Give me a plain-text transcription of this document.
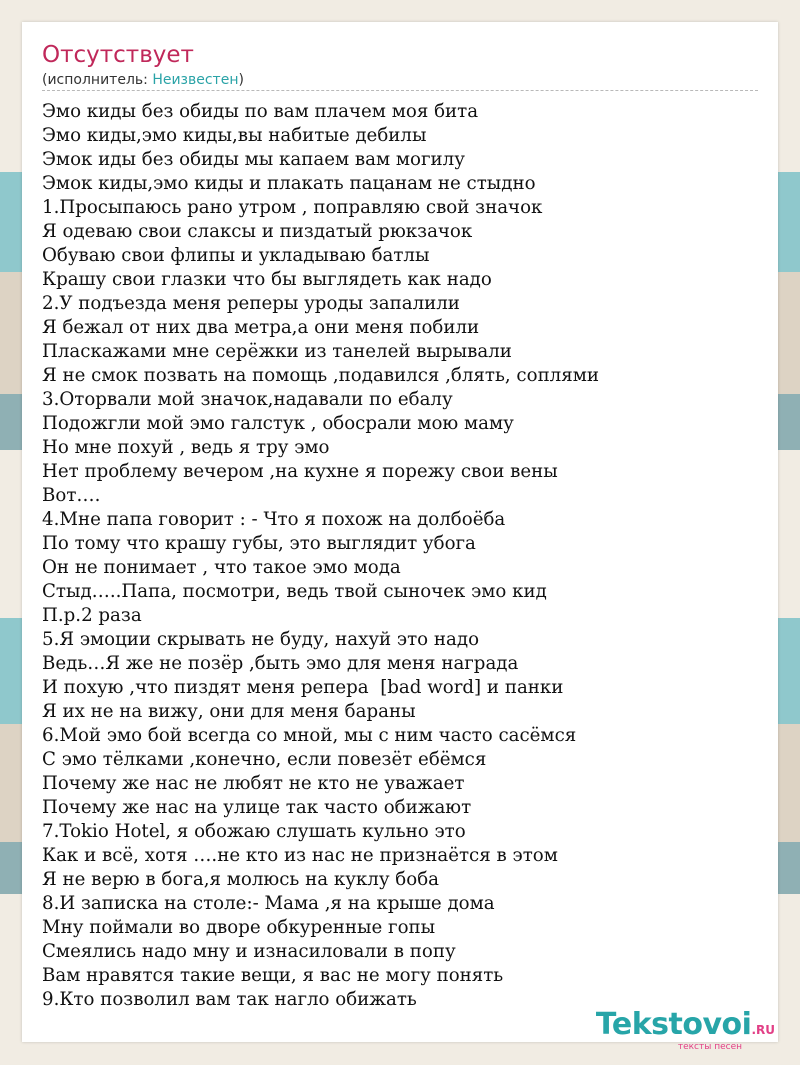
Отсутствует
(исполнитель: Неизвестен)
Эмо киды без обиды по вам плачем моя бита
Эмо киды,эмо киды,вы набитые дебилы
Эмок иды без обиды мы капаем вам могилу
Эмок киды,эмо киды и плакать пацанам не стыдно
1.Просыпаюсь рано утром , поправляю свой значок
Я одеваю свои слаксы и пиздатый рюкзачок
Обуваю свои флипы и укладываю батлы
Крашу свои глазки что бы выглядеть как надо
2.У подъезда меня реперы уроды запалили
Я бежал от них два метра,а они меня побили
Плаcкажами мне серёжки из танелей вырывали
Я не смок позвать на помощь ,подавился ,блять, соплями
3.Оторвали мой значок,надавали по ебалу
Подожгли мой эмо галстук , обосрали мою маму
Но мне похуй , ведь я тру эмо
Нет проблему вечером ,на кухне я порежу свои вены
Вот….
4.Мне папа говорит : - Что я похож на долбоёба
По тому что крашу губы, это выглядит убога
Он не понимает , что такое эмо мода
Стыд…..Папа, посмотри, ведь твой сыночек эмо кид
П.р.2 раза
5.Я эмоции скрывать не буду, нахуй это надо
Ведь…Я же не позёр ,быть эмо для меня награда
И похую ,что пиздят меня репера  [bad word] и панки
Я их не на вижу, они для меня бараны
6.Мой эмо бой всегда со мной, мы с ним часто сасёмся
С эмо тёлками ,конечно, если повезёт ебёмся
Почему же нас не любят не кто не уважает
Почему же нас на улице так часто обижают
7.Tokio Hotel, я обожаю слушать кульно это
Как и всё, хотя ….не кто из нас не признаётся в этом
Я не верю в бога,я молюсь на куклу боба
8.И записка на столе:- Мама ,я на крыше дома
Мну поймали во дворе обкуренные гопы
Смеялись надо мну и изнасиловали в попу
Вам нравятся такие вещи, я вас не могу понять
9.Кто позволил вам так нагло обижать
Tekstovoi.RU
тексты песен
